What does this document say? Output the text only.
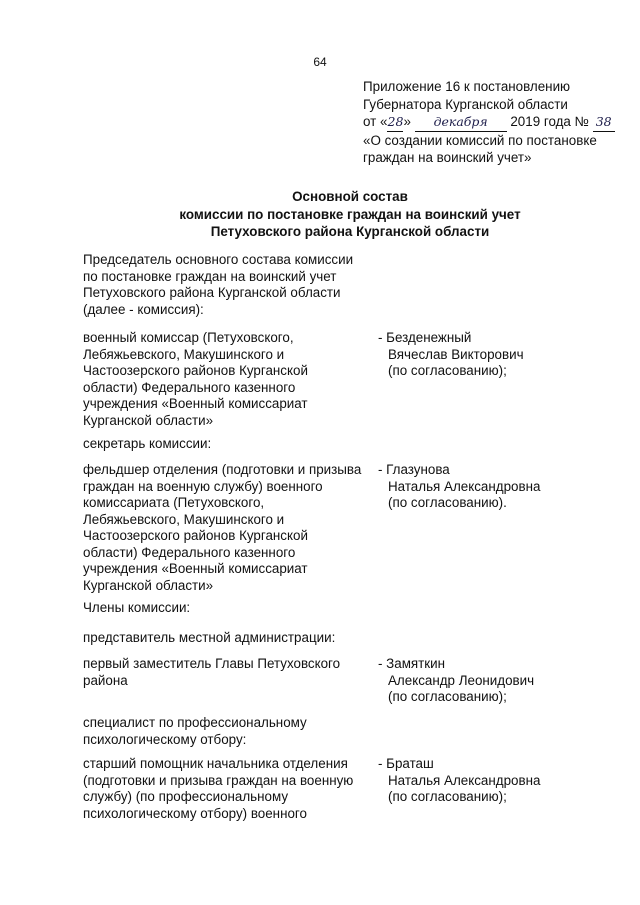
64
Приложение 16 к постановлению
Губернатора Курганской области
от «28» декабря 2019 года № 38
«О создании комиссий по постановке
граждан на воинский учет»
Основной состав
комиссии по постановке граждан на воинский учет
Петуховского района Курганской области
Председатель основного состава комиссии
по постановке граждан на воинский учет
Петуховского района Курганской области
(далее - комиссия):
военный комиссар (Петуховского,
Лебяжьевского, Макушинского и
Частоозерского районов Курганской
области) Федерального казенного
учреждения «Военный комиссариат
Курганской области»
- Безденежный
Вячеслав Викторович
(по согласованию);
секретарь комиссии:
фельдшер отделения (подготовки и призыва
граждан на военную службу) военного
комиссариата (Петуховского,
Лебяжьевского, Макушинского и
Частоозерского районов Курганской
области) Федерального казенного
учреждения «Военный комиссариат
Курганской области»
- Глазунова
Наталья Александровна
(по согласованию).
Члены комиссии:
представитель местной администрации:
первый заместитель Главы Петуховского
района
- Замяткин
Александр Леонидович
(по согласованию);
специалист по профессиональному
психологическому отбору:
старший помощник начальника отделения
(подготовки и призыва граждан на военную
службу) (по профессиональному
психологическому отбору) военного
- Браташ
Наталья Александровна
(по согласованию);
